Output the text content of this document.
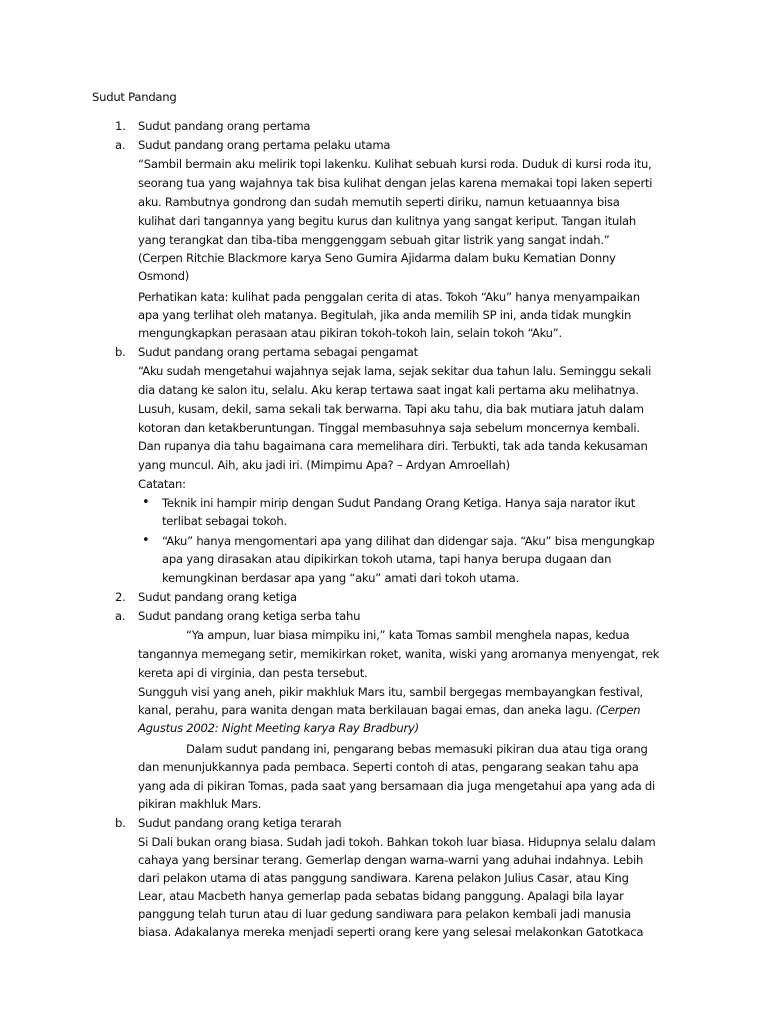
Sudut Pandang
1. Sudut pandang orang pertama
a. Sudut pandang orang pertama pelaku utama
“Sambil bermain aku melirik topi lakenku. Kulihat sebuah kursi roda. Duduk di kursi roda itu,
seorang tua yang wajahnya tak bisa kulihat dengan jelas karena memakai topi laken seperti
aku. Rambutnya gondrong dan sudah memutih seperti diriku, namun ketuaannya bisa
kulihat dari tangannya yang begitu kurus dan kulitnya yang sangat keriput. Tangan itulah
yang terangkat dan tiba-tiba menggenggam sebuah gitar listrik yang sangat indah.”
(Cerpen Ritchie Blackmore karya Seno Gumira Ajidarma dalam buku Kematian Donny
Osmond)
Perhatikan kata: kulihat pada penggalan cerita di atas. Tokoh “Aku” hanya menyampaikan
apa yang terlihat oleh matanya. Begitulah, jika anda memilih SP ini, anda tidak mungkin
mengungkapkan perasaan atau pikiran tokoh-tokoh lain, selain tokoh “Aku”.
b. Sudut pandang orang pertama sebagai pengamat
“Aku sudah mengetahui wajahnya sejak lama, sejak sekitar dua tahun lalu. Seminggu sekali
dia datang ke salon itu, selalu. Aku kerap tertawa saat ingat kali pertama aku melihatnya.
Lusuh, kusam, dekil, sama sekali tak berwarna. Tapi aku tahu, dia bak mutiara jatuh dalam
kotoran dan ketakberuntungan. Tinggal membasuhnya saja sebelum moncernya kembali.
Dan rupanya dia tahu bagaimana cara memelihara diri. Terbukti, tak ada tanda kekusaman
yang muncul. Aih, aku jadi iri. (Mimpimu Apa? – Ardyan Amroellah)
Catatan:
• Teknik ini hampir mirip dengan Sudut Pandang Orang Ketiga. Hanya saja narator ikut
terlibat sebagai tokoh.
• “Aku” hanya mengomentari apa yang dilihat dan didengar saja. “Aku” bisa mengungkap
apa yang dirasakan atau dipikirkan tokoh utama, tapi hanya berupa dugaan dan
kemungkinan berdasar apa yang “aku” amati dari tokoh utama.
2. Sudut pandang orang ketiga
a. Sudut pandang orang ketiga serba tahu
“Ya ampun, luar biasa mimpiku ini,” kata Tomas sambil menghela napas, kedua
tangannya memegang setir, memikirkan roket, wanita, wiski yang aromanya menyengat, rek
kereta api di virginia, dan pesta tersebut.
Sungguh visi yang aneh, pikir makhluk Mars itu, sambil bergegas membayangkan festival,
kanal, perahu, para wanita dengan mata berkilauan bagai emas, dan aneka lagu. (Cerpen
Agustus 2002: Night Meeting karya Ray Bradbury)
Dalam sudut pandang ini, pengarang bebas memasuki pikiran dua atau tiga orang
dan menunjukkannya pada pembaca. Seperti contoh di atas, pengarang seakan tahu apa
yang ada di pikiran Tomas, pada saat yang bersamaan dia juga mengetahui apa yang ada di
pikiran makhluk Mars.
b. Sudut pandang orang ketiga terarah
Si Dali bukan orang biasa. Sudah jadi tokoh. Bahkan tokoh luar biasa. Hidupnya selalu dalam
cahaya yang bersinar terang. Gemerlap dengan warna-warni yang aduhai indahnya. Lebih
dari pelakon utama di atas panggung sandiwara. Karena pelakon Julius Casar, atau King
Lear, atau Macbeth hanya gemerlap pada sebatas bidang panggung. Apalagi bila layar
panggung telah turun atau di luar gedung sandiwara para pelakon kembali jadi manusia
biasa. Adakalanya mereka menjadi seperti orang kere yang selesai melakonkan Gatotkaca
